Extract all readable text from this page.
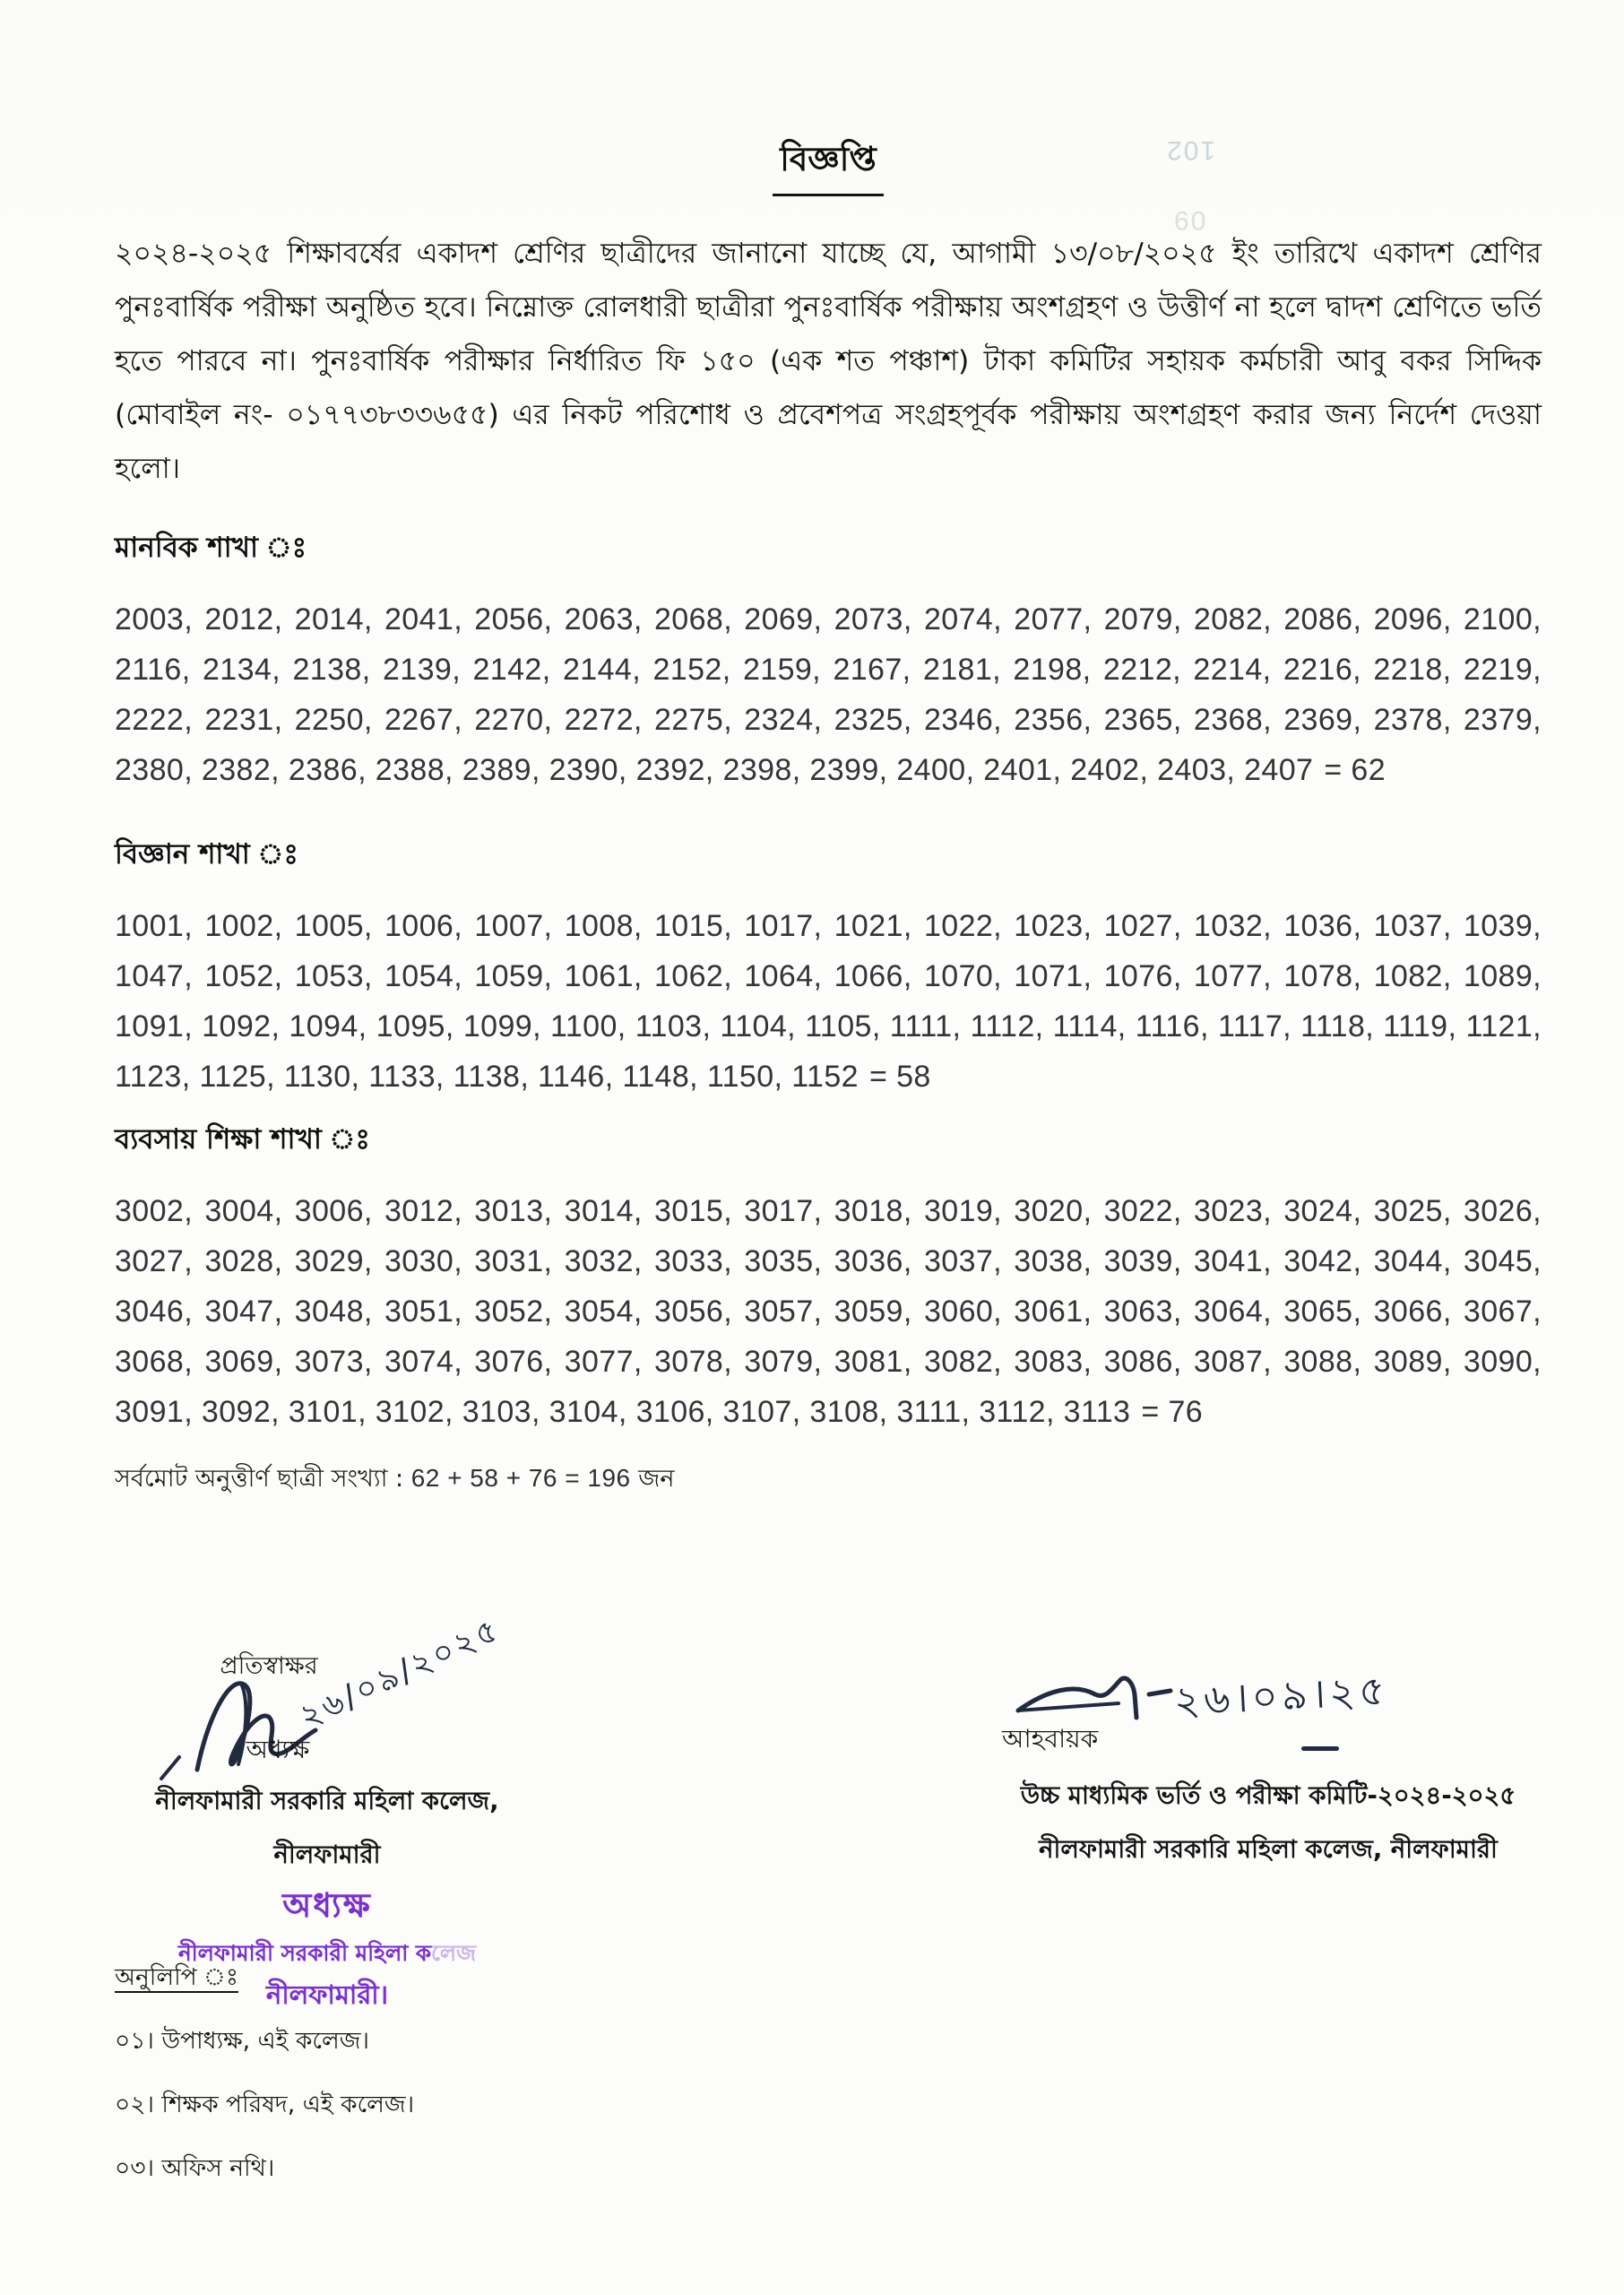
102
09
বিজ্ঞপ্তি

২০২৪-২০২৫ শিক্ষাবর্ষের একাদশ শ্রেণির ছাত্রীদের জানানো যাচ্ছে যে, আগামী ১৩/০৮/২০২৫ ইং তারিখে একাদশ শ্রেণির পুনঃবার্ষিক পরীক্ষা অনুষ্ঠিত হবে। নিম্নোক্ত রোলধারী ছাত্রীরা পুনঃবার্ষিক পরীক্ষায় অংশগ্রহণ ও উত্তীর্ণ না হলে দ্বাদশ শ্রেণিতে ভর্তি হতে পারবে না। পুনঃবার্ষিক পরীক্ষার নির্ধারিত ফি ১৫০ (এক শত পঞ্চাশ) টাকা কমিটির সহায়ক কর্মচারী আবু বকর সিদ্দিক (মোবাইল নং- ০১৭৭৩৮৩৩৬৫৫) এর নিকট পরিশোধ ও প্রবেশপত্র সংগ্রহপূর্বক পরীক্ষায় অংশগ্রহণ করার জন্য নির্দেশ দেওয়া হলো।

মানবিক শাখা ঃ
2003, 2012, 2014, 2041, 2056, 2063, 2068, 2069, 2073, 2074, 2077, 2079, 2082, 2086, 2096, 2100, 2116, 2134, 2138, 2139, 2142, 2144, 2152, 2159, 2167, 2181, 2198, 2212, 2214, 2216, 2218, 2219, 2222, 2231, 2250, 2267, 2270, 2272, 2275, 2324, 2325, 2346, 2356, 2365, 2368, 2369, 2378, 2379, 2380, 2382, 2386, 2388, 2389, 2390, 2392, 2398, 2399, 2400, 2401, 2402, 2403, 2407 = 62
বিজ্ঞান শাখা ঃ
1001, 1002, 1005, 1006, 1007, 1008, 1015, 1017, 1021, 1022, 1023, 1027, 1032, 1036, 1037, 1039, 1047, 1052, 1053, 1054, 1059, 1061, 1062, 1064, 1066, 1070, 1071, 1076, 1077, 1078, 1082, 1089, 1091, 1092, 1094, 1095, 1099, 1100, 1103, 1104, 1105, 1111, 1112, 1114, 1116, 1117, 1118, 1119, 1121, 1123, 1125, 1130, 1133, 1138, 1146, 1148, 1150, 1152 = 58
ব্যবসায় শিক্ষা শাখা ঃ
3002, 3004, 3006, 3012, 3013, 3014, 3015, 3017, 3018, 3019, 3020, 3022, 3023, 3024, 3025, 3026, 3027, 3028, 3029, 3030, 3031, 3032, 3033, 3035, 3036, 3037, 3038, 3039, 3041, 3042, 3044, 3045, 3046, 3047, 3048, 3051, 3052, 3054, 3056, 3057, 3059, 3060, 3061, 3063, 3064, 3065, 3066, 3067, 3068, 3069, 3073, 3074, 3076, 3077, 3078, 3079, 3081, 3082, 3083, 3086, 3087, 3088, 3089, 3090, 3091, 3092, 3101, 3102, 3103, 3104, 3106, 3107, 3108, 3111, 3112, 3113 = 76
সর্বমোট অনুত্তীর্ণ ছাত্রী সংখ্যা : 62 + 58 + 76 = 196 জন
প্রতিস্বাক্ষর
২৬/০৯/২০২৫
অধ্যক্ষ
নীলফামারী সরকারি মহিলা কলেজ,
নীলফামারী
অধ্যক্ষ
নীলফামারী সরকারী মহিলা কলেজ
নীলফামারী।
২৬।০৯।২৫
আহবায়ক
উচ্চ মাধ্যমিক ভর্তি ও পরীক্ষা কমিটি-২০২৪-২০২৫
নীলফামারী সরকারি মহিলা কলেজ, নীলফামারী
অনুলিপি ঃ
০১। উপাধ্যক্ষ, এই কলেজ।
০২। শিক্ষক পরিষদ, এই কলেজ।
০৩। অফিস নথি।
